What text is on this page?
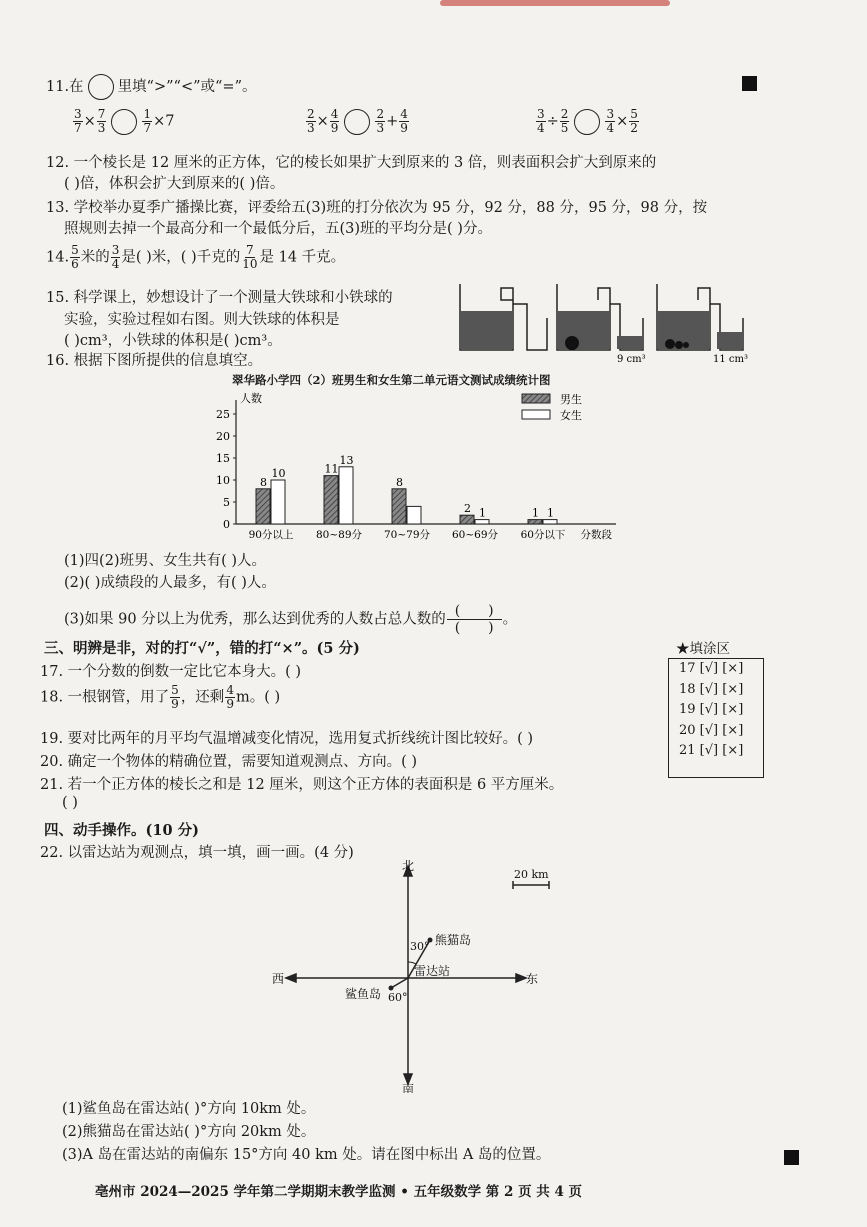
11.在 里填“>”“<”或“=”。
$\frac{3}{7} \times \frac{7}{3}$	$\frac{1}{7} \times 7$	$\frac{2}{3} \times \frac{4}{9}$	$\frac{2}{3} + \frac{4}{9}$	$\frac{3}{4} \div \frac{2}{5}$	$\frac{3}{4} \times \frac{5}{2}$
12. 一个棱长是 12 厘米的正方体，它的棱长如果扩大到原来的 3 倍，则表面积会扩大到原来的
( )倍，体积会扩大到原来的( )倍。
13. 学校举办夏季广播操比赛，评委给五(3)班的打分依次为 95 分，92 分，88 分，95 分，98 分，按
照规则去掉一个最高分和一个最低分后，五(3)班的平均分是( )分。
14. $\frac{5}{6}$ 米的 $\frac{3}{4}$ 是( )米，( )千克的 $\frac{7}{10}$ 是 14 千克。
15. 科学课上，妙想设计了一个测量大铁球和小铁球的
实验，实验过程如右图。则大铁球的体积是
( )cm³，小铁球的体积是( )cm³。
9 cm³	11 cm³
16. 根据下图所提供的信息填空。
翠华路小学四（2）班男生和女生第二单元语文测试成绩统计图
人数
0
5
10
15
20
25
8
10
90分以上
11
13
80~89分
8
70~79分
2 1
60~69分
1 1
60分以下 分数段
男生
女生
(1)四(2)班男、女生共有( )人。
(2)( )成绩段的人最多，有( )人。
(3)如果 90 分以上为优秀，那么达到优秀的人数占总人数的 $\frac{( )}{( )}$ 。
三、明辨是非，对的打“√”，错的打“×”。(5 分)
17. 一个分数的倒数一定比它本身大。( )
18. 一根钢管，用了 $\frac{5}{9}$ ，还剩 $\frac{4}{9}$ m。( )
19. 要对比两年的月平均气温增减变化情况，选用复式折线统计图比较好。( )
20. 确定一个物体的精确位置，需要知道观测点、方向。( )
21. 若一个正方体的棱长之和是 12 厘米，则这个正方体的表面积是 6 平方厘米。
( )
★填涂区
17 [√] [×]
18 [√] [×]
19 [√] [×]
20 [√] [×]
21 [√] [×]
四、动手操作。(10 分)
22. 以雷达站为观测点，填一填，画一画。(4 分)
北
南
西	东
20 km
雷达站
熊猫岛
鲨鱼岛
30°
60°
(1)鲨鱼岛在雷达站( )°方向 10km 处。
(2)熊猫岛在雷达站( )°方向 20km 处。
(3)A 岛在雷达站的南偏东 15°方向 40 km 处。请在图中标出 A 岛的位置。
亳州市 2024—2025 学年第二学期期末教学监测 • 五年级数学 第 2 页 共 4 页
